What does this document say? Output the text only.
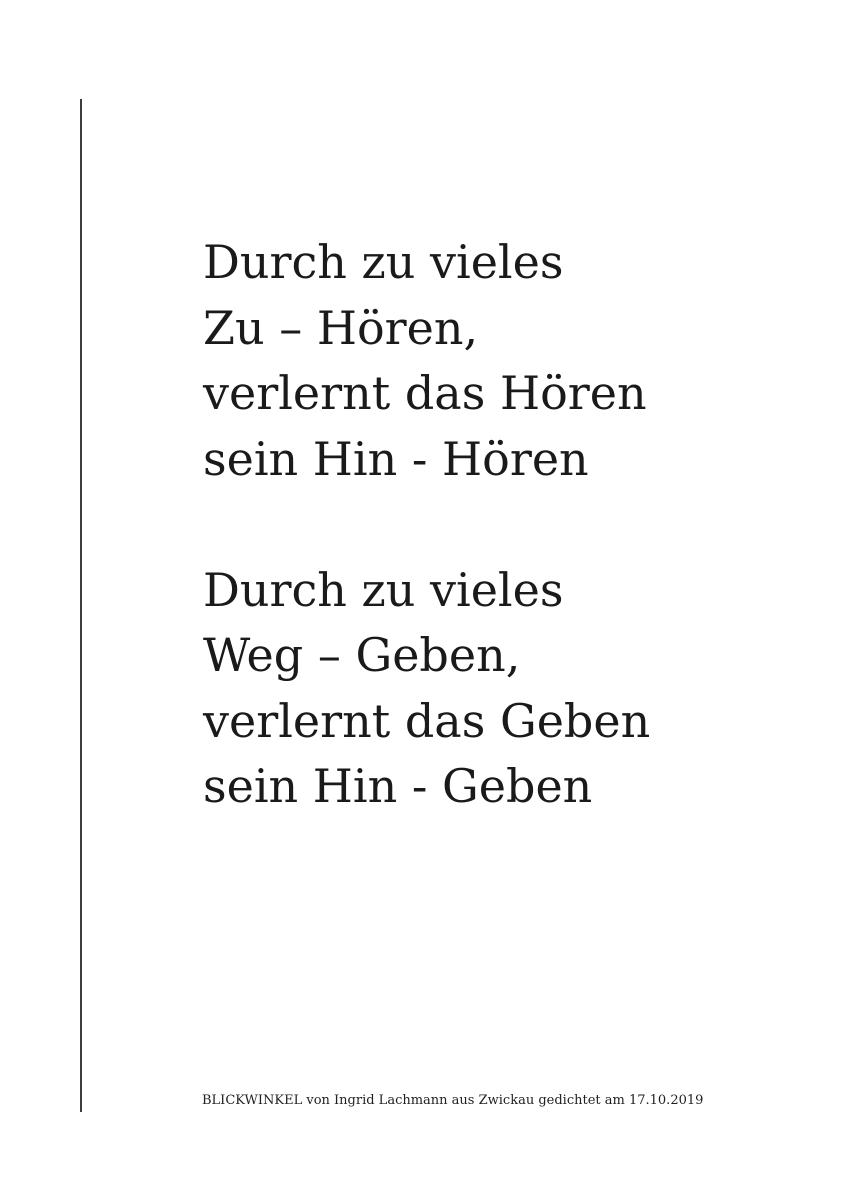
Durch zu vieles
Zu – Hören,
verlernt das Hören
sein Hin - Hören
Durch zu vieles
Weg – Geben,
verlernt das Geben
sein Hin - Geben
BLICKWINKEL von Ingrid Lachmann aus Zwickau gedichtet am 17.10.2019
